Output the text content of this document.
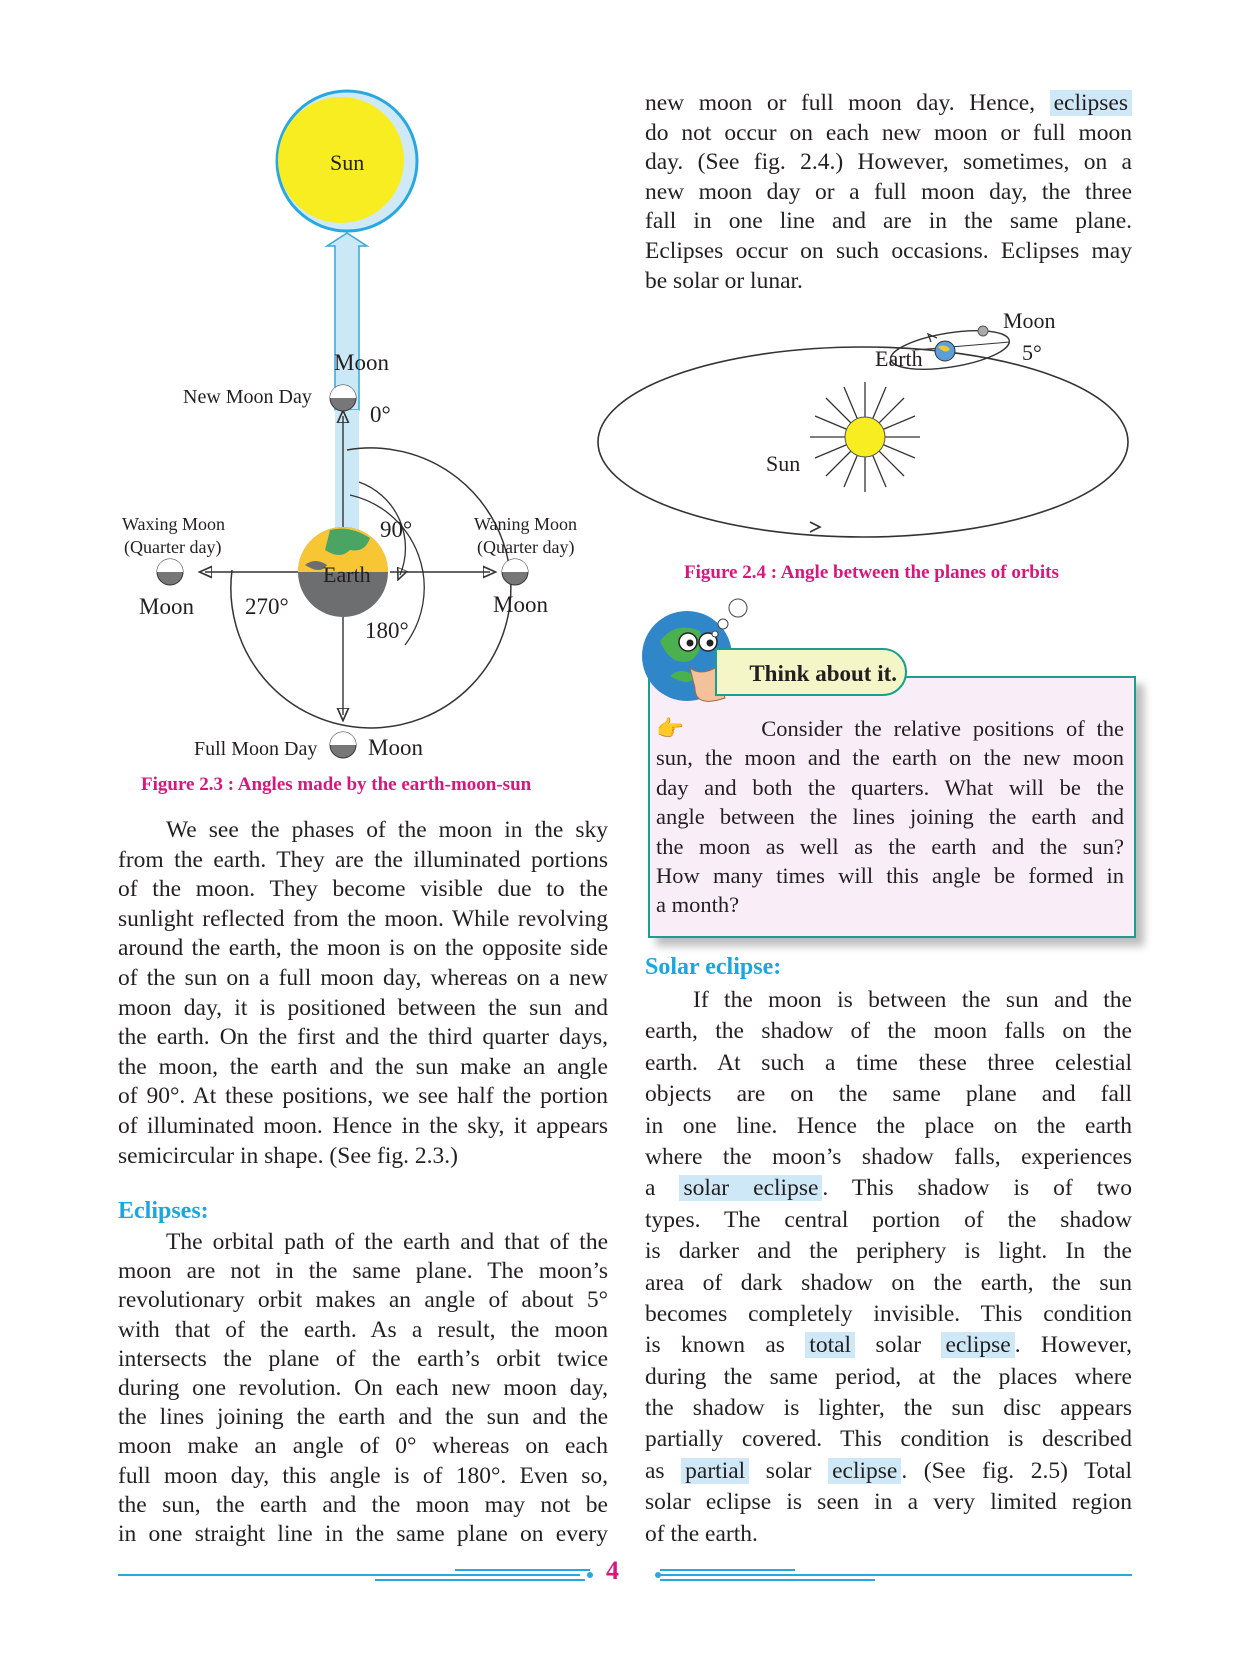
Sun
Earth
Moon
New Moon Day
0°
90°
180°
270°
Waxing Moon
(Quarter day)
Waning Moon
(Quarter day)
Moon	Moon
Full Moon Day Moon
Figure 2.3 : Angles made by the earth-moon-sun
We see the phases of the moon in the sky
from the earth. They are the illuminated portions
of the moon. They become visible due to the
sunlight reflected from the moon. While revolving
around the earth, the moon is on the opposite side
of the sun on a full moon day, whereas on a new
moon day, it is positioned between the sun and
the earth. On the first and the third quarter days,
the moon, the earth and the sun make an angle
of 90°. At these positions, we see half the portion
of illuminated moon. Hence in the sky, it appears
semicircular in shape. (See fig. 2.3.)
Eclipses:
The orbital path of the earth and that of the
moon are not in the same plane. The moon’s
revolutionary orbit makes an angle of about 5°
with that of the earth. As a result, the moon
intersects the plane of the earth’s orbit twice
during one revolution. On each new moon day,
the lines joining the earth and the sun and the
moon make an angle of 0° whereas on each
full moon day, this angle is of 180°. Even so,
the sun, the earth and the moon may not be
in one straight line in the same plane on every
new moon or full moon day. Hence, eclipses
do not occur on each new moon or full moon
day. (See fig. 2.4.) However, sometimes, on a
new moon day or a full moon day, the three
fall in one line and are in the same plane.
Eclipses occur on such occasions. Eclipses may
be solar or lunar.
Moon
Earth	5°
Sun
Figure 2.4 : Angle between the planes of orbits
Think about it.
👉	Consider the relative positions of the
sun, the moon and the earth on the new moon
day and both the quarters. What will be the
angle between the lines joining the earth and
the moon as well as the earth and the sun?
How many times will this angle be formed in
a month?
Solar eclipse:
If the moon is between the sun and the
earth, the shadow of the moon falls on the
earth. At such a time these three celestial
objects are on the same plane and fall
in one line. Hence the place on the earth
where the moon’s shadow falls, experiences
a solar eclipse . This shadow is of two
types. The central portion of the shadow
is darker and the periphery is light. In the
area of dark shadow on the earth, the sun
becomes completely invisible. This condition
is known as total solar eclipse . However,
during the same period, at the places where
the shadow is lighter, the sun disc appears
partially covered. This condition is described
as partial solar eclipse . (See fig. 2.5) Total
solar eclipse is seen in a very limited region
of the earth.
4
